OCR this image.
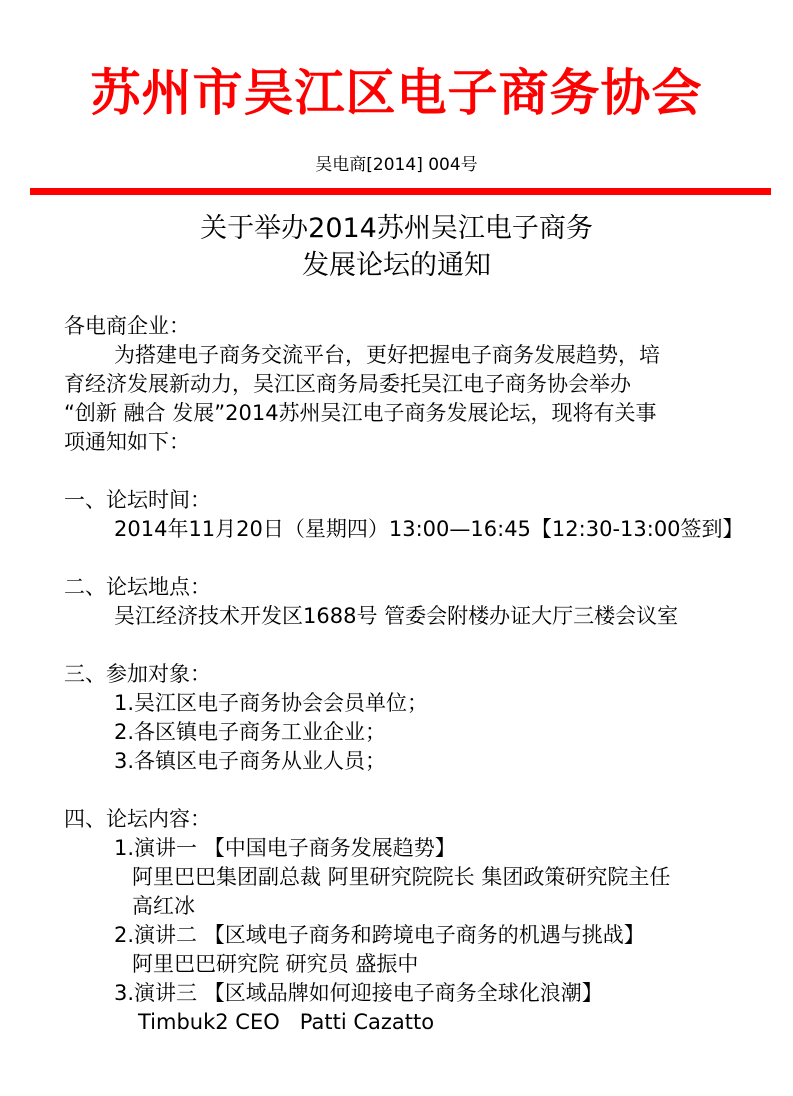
苏州市吴江区电子商务协会
吴电商[2014] 004号
关于举办2014苏州吴江电子商务
发展论坛的通知
各电商企业：
为搭建电子商务交流平台，更好把握电子商务发展趋势，培
育经济发展新动力，吴江区商务局委托吴江电子商务协会举办
“创新 融合 发展”2014苏州吴江电子商务发展论坛，现将有关事
项通知如下：
一、论坛时间：
2014年11月20日（星期四）13:00—16:45【12:30-13:00签到】
二、论坛地点：
吴江经济技术开发区1688号 管委会附楼办证大厅三楼会议室
三、参加对象：
1.吴江区电子商务协会会员单位；
2.各区镇电子商务工业企业；
3.各镇区电子商务从业人员；
四、论坛内容：
1.演讲一 【中国电子商务发展趋势】
阿里巴巴集团副总裁 阿里研究院院长 集团政策研究院主任
高红冰
2.演讲二 【区域电子商务和跨境电子商务的机遇与挑战】
阿里巴巴研究院 研究员 盛振中
3.演讲三 【区域品牌如何迎接电子商务全球化浪潮】
Timbuk2 CEO   Patti Cazatto
